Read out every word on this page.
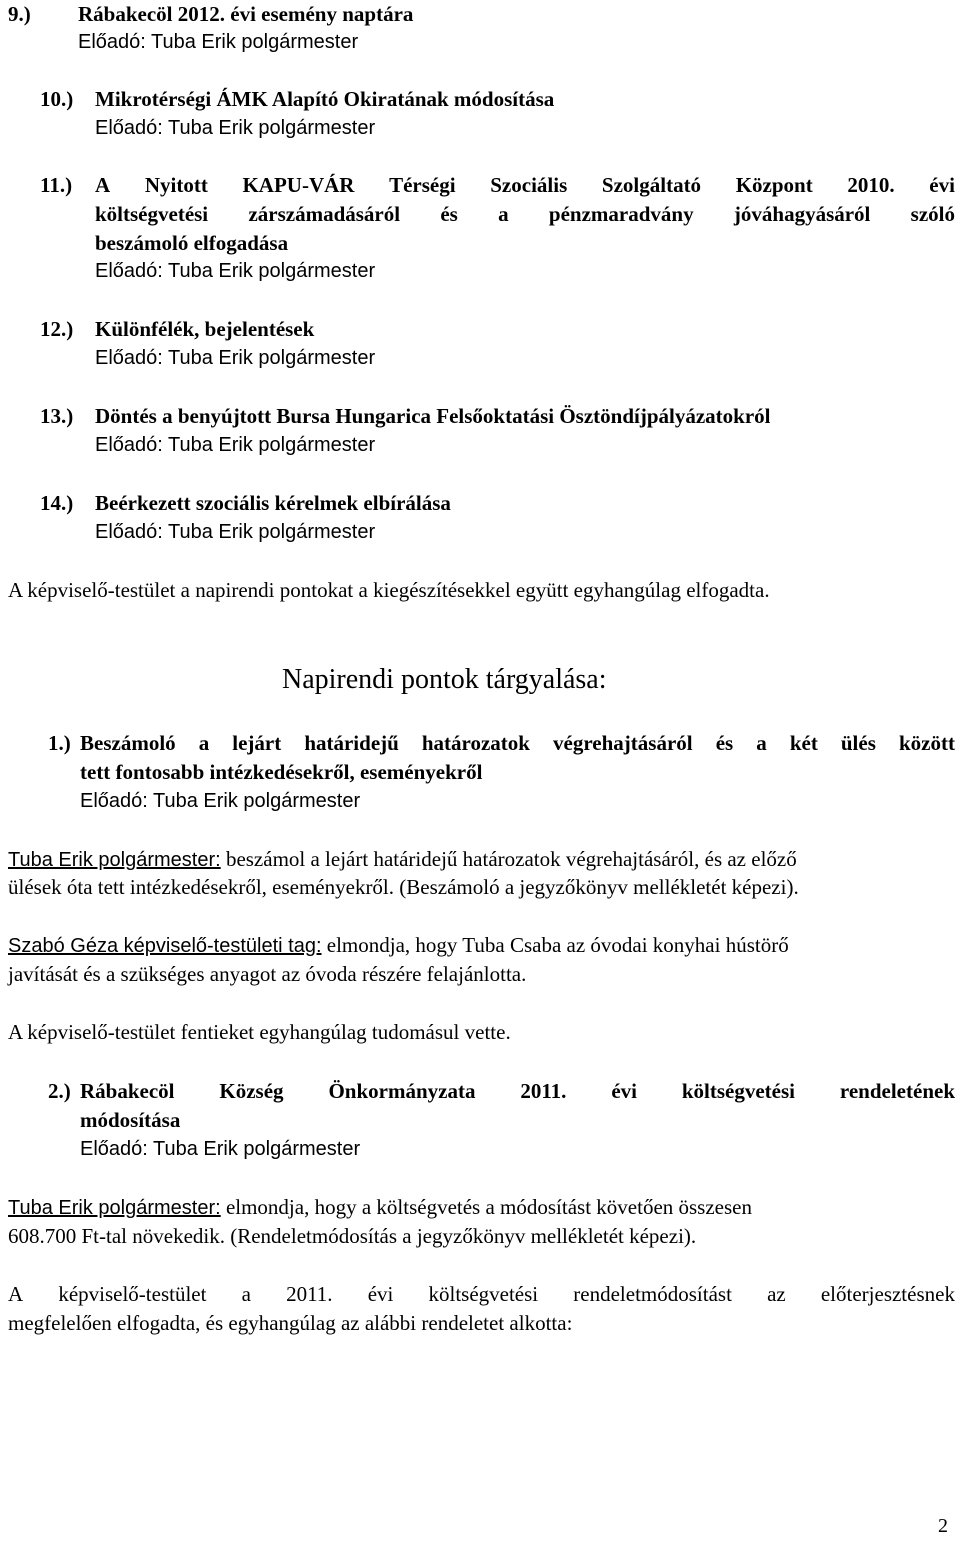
9.) Rábakecöl 2012. évi esemény naptára
Előadó: Tuba Erik polgármester
10.) Mikrotérségi ÁMK Alapító Okiratának módosítása
Előadó: Tuba Erik polgármester
11.) A Nyitott KAPU-VÁR Térségi Szociális Szolgáltató Központ 2010. évi
költségvetési zárszámadásáról és a pénzmaradvány jóváhagyásáról szóló
beszámoló elfogadása
Előadó: Tuba Erik polgármester
12.) Különfélék, bejelentések
Előadó: Tuba Erik polgármester
13.) Döntés a benyújtott Bursa Hungarica Felsőoktatási Ösztöndíjpályázatokról
Előadó: Tuba Erik polgármester
14.) Beérkezett szociális kérelmek elbírálása
Előadó: Tuba Erik polgármester
A képviselő-testület a napirendi pontokat a kiegészítésekkel együtt egyhangúlag elfogadta.
Napirendi pontok tárgyalása:
1.) Beszámoló a lejárt határidejű határozatok végrehajtásáról és a két ülés között
tett fontosabb intézkedésekről, eseményekről
Előadó: Tuba Erik polgármester
Tuba Erik polgármester: beszámol a lejárt határidejű határozatok végrehajtásáról, és az előző
ülések óta tett intézkedésekről, eseményekről. (Beszámoló a jegyzőkönyv mellékletét képezi).
Szabó Géza képviselő-testületi tag: elmondja, hogy Tuba Csaba az óvodai konyhai hústörő
javítását és a szükséges anyagot az óvoda részére felajánlotta.
A képviselő-testület fentieket egyhangúlag tudomásul vette.
2.) Rábakecöl Község Önkormányzata 2011. évi költségvetési rendeletének
módosítása
Előadó: Tuba Erik polgármester
Tuba Erik polgármester: elmondja, hogy a költségvetés a módosítást követően összesen
608.700 Ft-tal növekedik. (Rendeletmódosítás a jegyzőkönyv mellékletét képezi).
A képviselő-testület a 2011. évi költségvetési rendeletmódosítást az előterjesztésnek
megfelelően elfogadta, és egyhangúlag az alábbi rendeletet alkotta:
2
